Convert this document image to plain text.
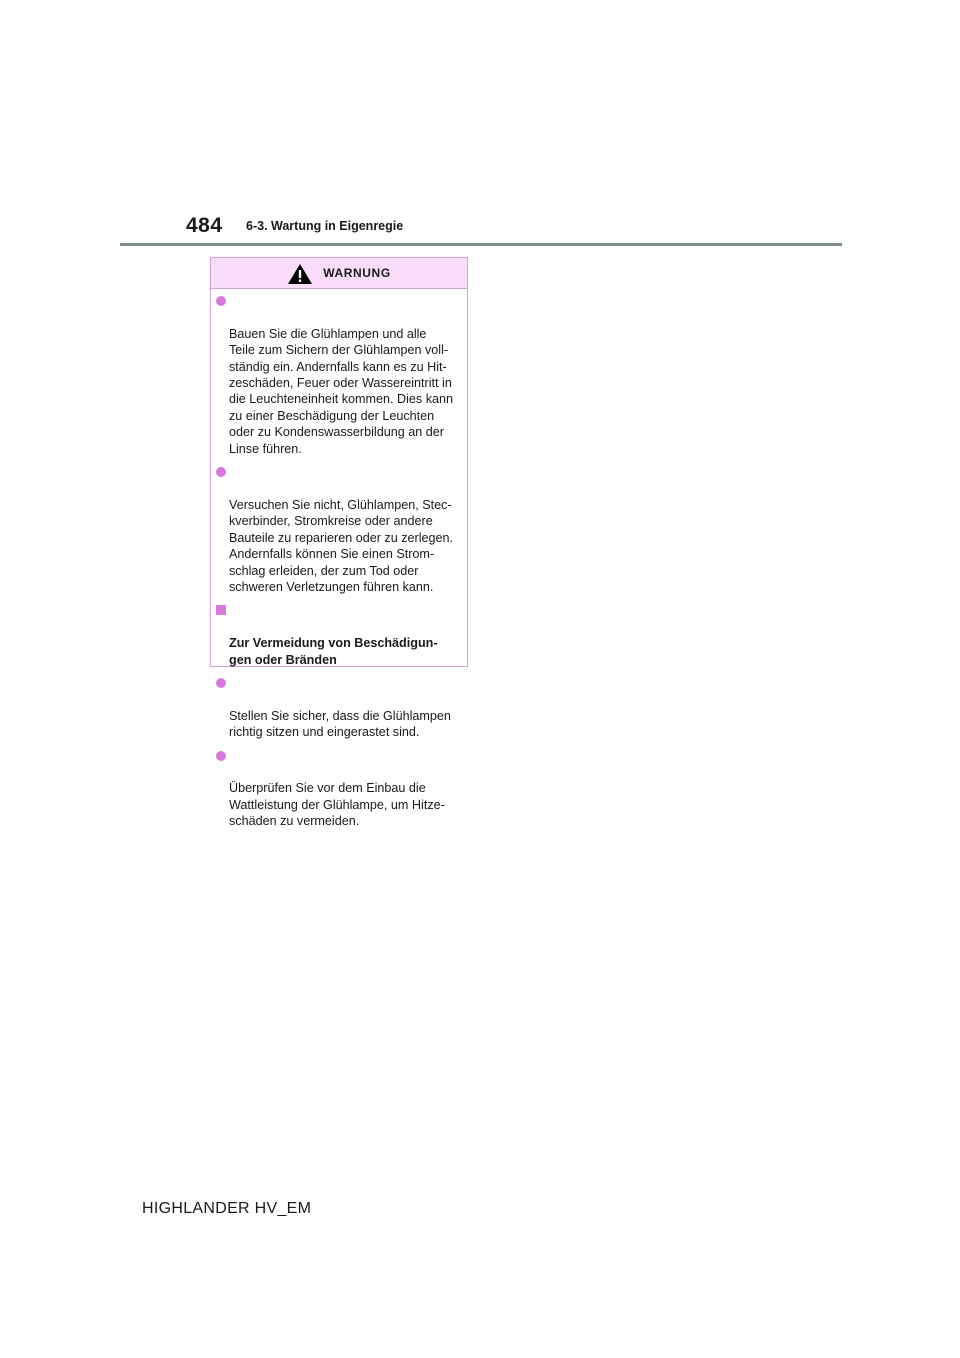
484 6-3. Wartung in Eigenregie
WARNUNG

Bauen Sie die Glühlampen und alle
Teile zum Sichern der Glühlampen voll-
ständig ein. Andernfalls kann es zu Hit-
zeschäden, Feuer oder Wassereintritt in
die Leuchteneinheit kommen. Dies kann
zu einer Beschädigung der Leuchten
oder zu Kondenswasserbildung an der
Linse führen.

Versuchen Sie nicht, Glühlampen, Stec-
kverbinder, Stromkreise oder andere
Bauteile zu reparieren oder zu zerlegen.
Andernfalls können Sie einen Strom-
schlag erleiden, der zum Tod oder
schweren Verletzungen führen kann.

Zur Vermeidung von Beschädigun-
gen oder Bränden

Stellen Sie sicher, dass die Glühlampen
richtig sitzen und eingerastet sind.

Überprüfen Sie vor dem Einbau die
Wattleistung der Glühlampe, um Hitze-
schäden zu vermeiden.

HIGHLANDER HV_EM
